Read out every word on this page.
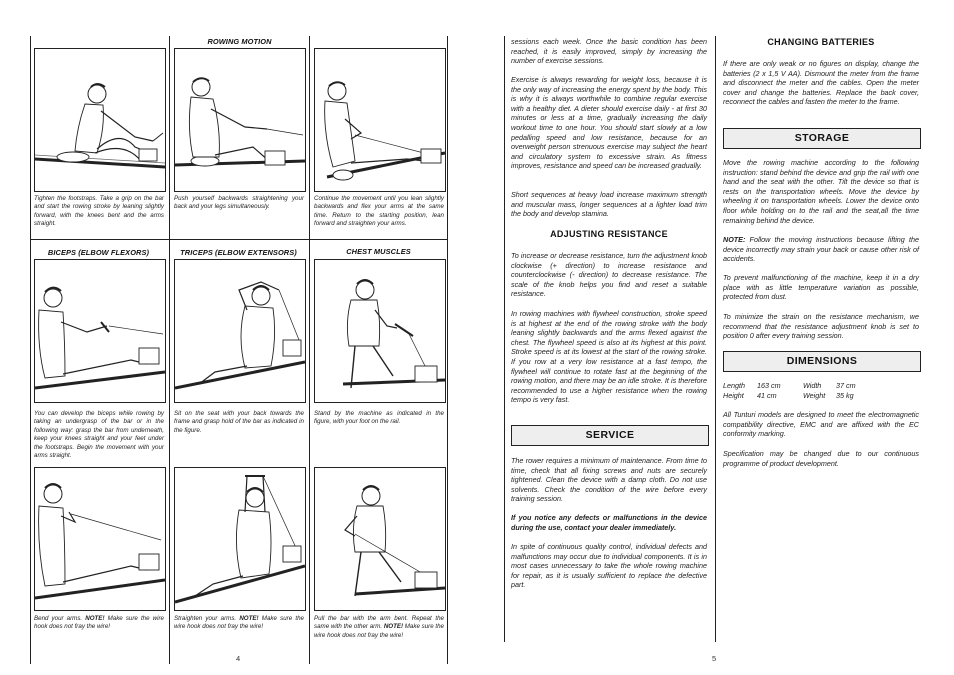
ROWING MOTION
Tighten the footstraps. Take a grip on the bar and start the rowing stroke by leaning slightly forward, with the knees bent and the arms straight.
Push yourself backwards straightening your back and your legs simultaneously.
Continue the movement until you lean slightly backwards and flex your arms at the same time. Return to the starting position, lean forward and straighten your arms.
BICEPS (ELBOW FLEXORS)	TRICEPS (ELBOW EXTENSORS)	CHEST MUSCLES
You can develop the biceps while rowing by taking an undergrasp of the bar or in the following way: grasp the bar from underneath, keep your knees straight and your feet under the footstraps. Begin the movement with your arms straight.
Sit on the seat with your back towards the frame and grasp hold of the bar as indicated in the figure.
Stand by the machine as indicated in the figure, with your foot on the rail.
Bend your arms. NOTE! Make sure the wire hook does not fray the wire!
Straighten your arms. NOTE! Make sure the wire hook does not fray the wire!
Pull the bar with the arm bent. Repeat the same with the other arm. NOTE! Make sure the wire hook does not fray the wire!
4
sessions each week. Once the basic condition has been reached, it is easily improved, simply by increasing the number of exercise sessions.
Exercise is always rewarding for weight loss, because it is the only way of increasing the energy spent by the body. This is why it is always worthwhile to combine regular exercise with a healthy diet. A dieter should exercise daily - at first 30 minutes or less at a time, gradually increasing the daily workout time to one hour. You should start slowly at a low pedalling speed and low resistance, because for an overweight person strenuous exercise may subject the heart and circulatory system to excessive strain. As fitness improves, resistance and speed can be increased gradually.
Short sequences at heavy load increase maximum strength and muscular mass, longer sequences at a lighter load trim the body and develop stamina.
ADJUSTING RESISTANCE
To increase or decrease resistance, turn the adjustment knob clockwise (+ direction) to increase resistance and counterclockwise (- direction) to decrease resistance. The scale of the knob helps you find and reset a suitable resistance.
In rowing machines with flywheel construction, stroke speed is at highest at the end of the rowing stroke with the body leaning slightly backwards and the arms flexed against the chest. The flywheel speed is also at its highest at this point. Stroke speed is at its lowest at the start of the rowing stroke. If you row at a very low resistance at a fast tempo, the flywheel will continue to rotate fast at the beginning of the rowing motion, and there may be an idle stroke. It is therefore recommended to use a higher resistance when the rowing tempo is very fast.
SERVICE
The rower requires a minimum of maintenance. From time to time, check that all fixing screws and nuts are securely tightened. Clean the device with a damp cloth. Do not use solvents. Check the condition of the wire before every training session.
If you notice any defects or malfunctions in the device during the use, contact your dealer immediately.
In spite of continuous quality control, individual defects and malfunctions may occur due to individual components. It is in most cases unnecessary to take the whole rowing machine for repair, as it is usually sufficient to replace the defective part.
5
CHANGING BATTERIES
If there are only weak or no figures on display, change the batteries (2 x 1,5 V AA). Dismount the meter from the frame and disconnect the meter and the cables. Open the meter cover and change the batteries. Replace the back cover, reconnect the cables and fasten the meter to the frame.
STORAGE
Move the rowing machine according to the following instruction: stand behind the device and grip the rail with one hand and the seat with the other. Tilt the device so that is rests on the transportation wheels. Move the device by wheeling it on transportation wheels. Lower the device onto floor while holding on to the rail and the seat,all the time remaining behind the device.
NOTE: Follow the moving instructions because lifting the device incorrectly may strain your back or cause other risk of accidents.
To prevent malfunctioning of the machine, keep it in a dry place with as little temperature variation as possible, protected from dust.
To minimize the strain on the resistance mechanism, we recommend that the resistance adjustment knob is set to position 0 after every training session.
DIMENSIONS
Length 163 cm	Width 37 cm
Height 41 cm	Weight 35 kg
All Tunturi models are designed to meet the electromagnetic compatibility directive, EMC and are affixed with the EC conformity marking.
Specification may be changed due to our continuous programme of product development.
